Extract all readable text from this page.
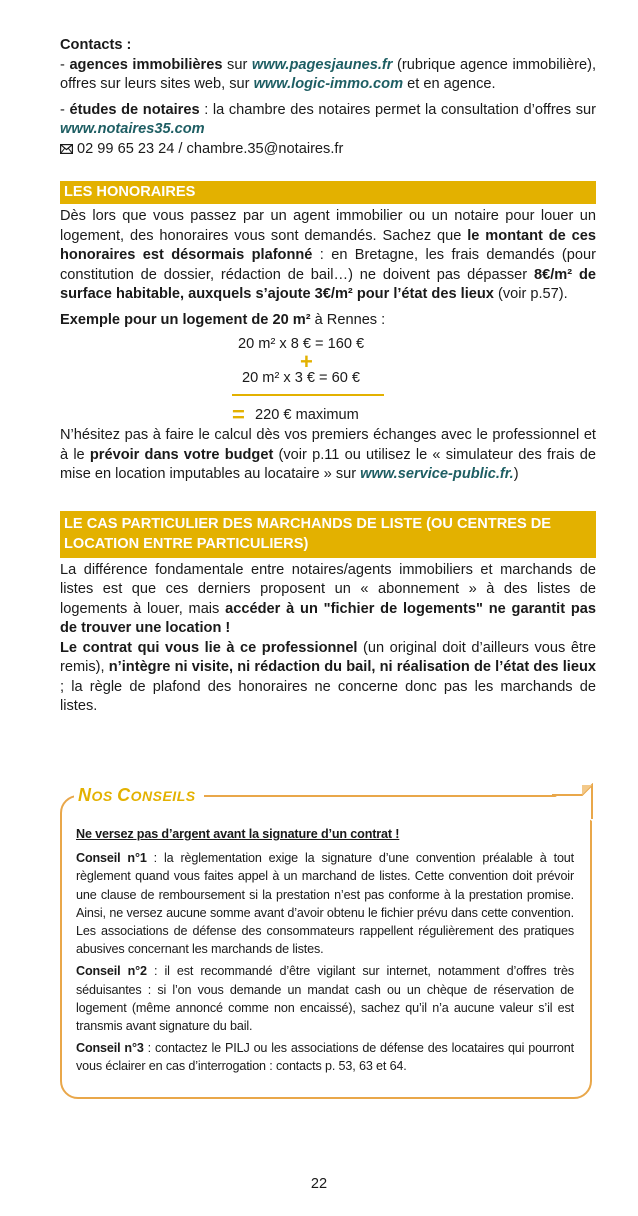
Contacts :

- agences immobilières sur www.pagesjaunes.fr (rubrique agence immobilière), offres sur leurs sites web, sur www.logic-immo.com et en agence.

- études de notaires : la chambre des notaires permet la consultation d’offres sur www.notaires35.com

02 99 65 23 24 / chambre.35@notaires.fr

LES HONORAIRES

Dès lors que vous passez par un agent immobilier ou un notaire pour louer un logement, des honoraires vous sont demandés. Sachez que le montant de ces honoraires est désormais plafonné : en Bretagne, les frais demandés (pour constitution de dossier, rédaction de bail…) ne doivent pas dépasser 8€/m² de surface habitable, auxquels s’ajoute 3€/m² pour l’état des lieux (voir p.57).

Exemple pour un logement de 20 m² à Rennes :

20 m² x 8 € = 160 €
+
20 m² x 3 € = 60 €
= 220 € maximum

N’hésitez pas à faire le calcul dès vos premiers échanges avec le professionnel et à le prévoir dans votre budget (voir p.11 ou utilisez le « simulateur des frais de mise en location imputables au locataire » sur www.service-public.fr.)

LE CAS PARTICULIER DES MARCHANDS DE LISTE (OU CENTRES DE LOCATION ENTRE PARTICULIERS)

La différence fondamentale entre notaires/agents immobiliers et marchands de listes est que ces derniers proposent un « abonnement » à des listes de logements à louer, mais accéder à un "fichier de logements" ne garantit pas de trouver une location !
Le contrat qui vous lie à ce professionnel (un original doit d’ailleurs vous être remis), n’intègre ni visite, ni rédaction du bail, ni réalisation de l’état des lieux ; la règle de plafond des honoraires ne concerne donc pas les marchands de listes.

NOS CONSEILS

Ne versez pas d’argent avant la signature d’un contrat !

Conseil n°1 : la règlementation exige la signature d’une convention préalable à tout règlement quand vous faites appel à un marchand de listes. Cette convention doit prévoir une clause de remboursement si la prestation n’est pas conforme à la prestation promise. Ainsi, ne versez aucune somme avant d’avoir obtenu le fichier prévu dans cette convention. Les associations de défense des consommateurs rappellent régulièrement des pratiques abusives concernant les marchands de listes.

Conseil n°2 : il est recommandé d’être vigilant sur internet, notamment d’offres très séduisantes : si l’on vous demande un mandat cash ou un chèque de réservation de logement (même annoncé comme non encaissé), sachez qu’il n’a aucune valeur s’il est transmis avant signature du bail.

Conseil n°3 : contactez le PILJ ou les associations de défense des locataires qui pourront vous éclairer en cas d’interrogation : contacts p. 53, 63 et 64.

22
